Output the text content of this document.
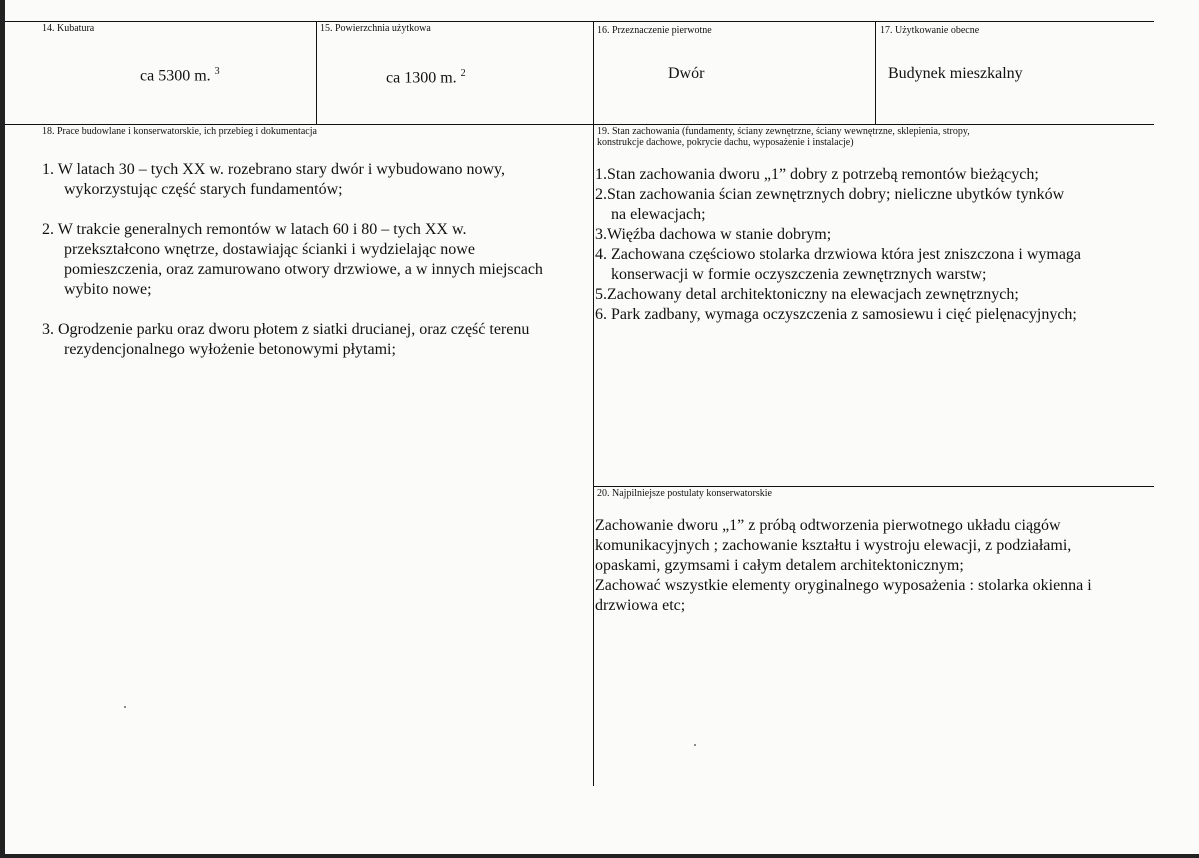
14. Kubatura
ca 5300 m. $^3$
15. Powierzchnia użytkowa
ca 1300 m. $^2$
16. Przeznaczenie pierwotne
Dwór
17. Użytkowanie obecne
Budynek mieszkalny
18. Prace budowlane i konserwatorskie, ich przebieg i dokumentacja

1. W latach 30 – tych XX w. rozebrano stary dwór i wybudowano nowy,

wykorzystując część starych fundamentów;

2. W trakcie generalnych remontów w latach 60 i 80 – tych XX w.

przekształcono wnętrze, dostawiając ścianki i wydzielając nowe

pomieszczenia, oraz zamurowano otwory drzwiowe, a w innych miejscach

wybito nowe;

3. Ogrodzenie parku oraz dworu płotem z siatki drucianej, oraz część terenu

rezydencjonalnego wyłożenie betonowymi płytami;

19. Stan zachowania (fundamenty, ściany zewnętrzne, ściany wewnętrzne, sklepienia, stropy,
konstrukcje dachowe, pokrycie dachu, wyposażenie i instalacje)

1.Stan zachowania dworu „1” dobry z potrzebą remontów bieżących;

2.Stan zachowania ścian zewnętrznych dobry; nieliczne ubytków tynków

na elewacjach;

3.Więźba dachowa w stanie dobrym;

4. Zachowana częściowo stolarka drzwiowa która jest zniszczona i wymaga

konserwacji w formie oczyszczenia zewnętrznych warstw;

5.Zachowany detal architektoniczny na elewacjach zewnętrznych;

6. Park zadbany, wymaga oczyszczenia z samosiewu i cięć pielęnacyjnych;

20. Najpilniejsze postulaty konserwatorskie

Zachowanie dworu „1” z próbą odtworzenia pierwotnego układu ciągów

komunikacyjnych ; zachowanie kształtu i wystroju elewacji, z podziałami,

opaskami, gzymsami i całym detalem architektonicznym;

Zachować wszystkie elementy oryginalnego wyposażenia : stolarka okienna i

drzwiowa etc;
